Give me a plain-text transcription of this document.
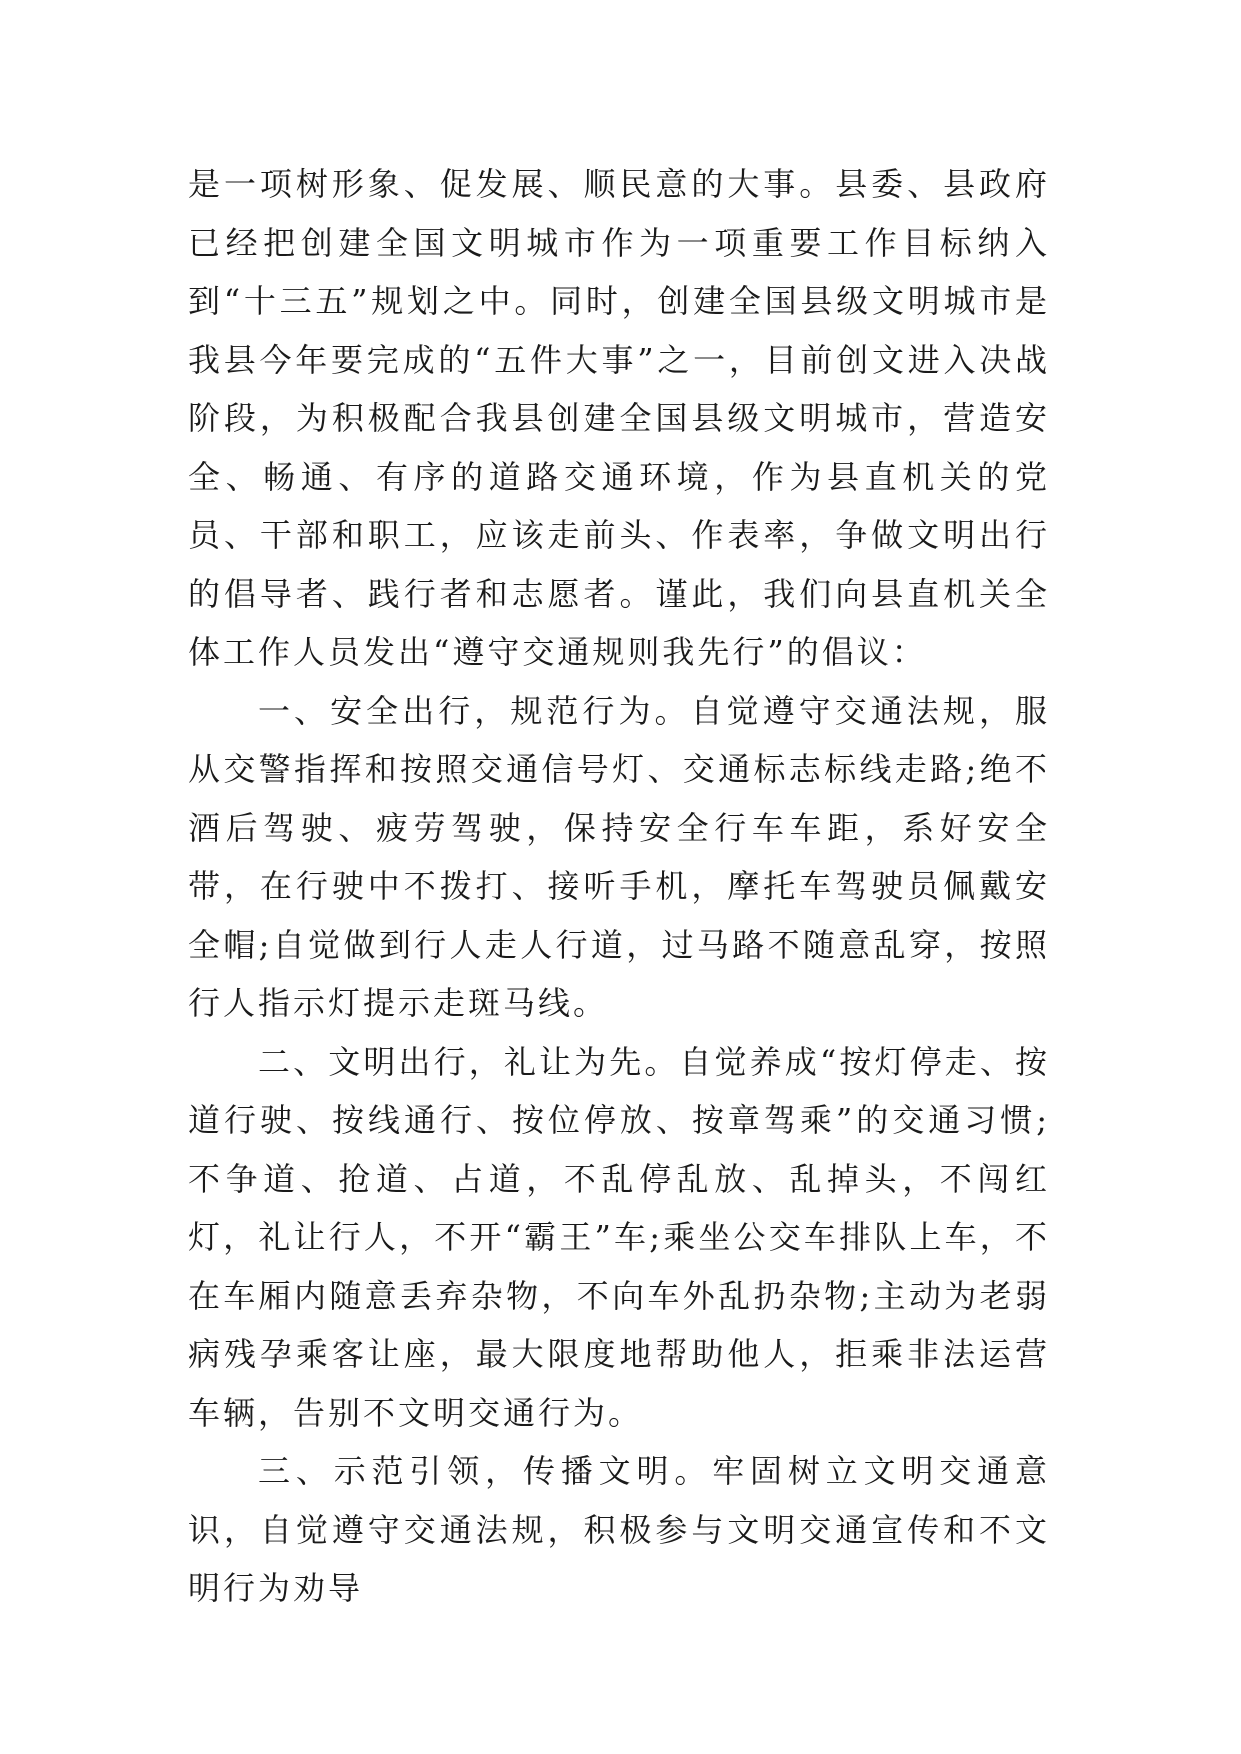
是一项树形象、促发展、顺民意的大事。县委、县政府已经把创建全国文明城市作为一项重要工作目标纳入到“十三五”规划之中。同时，创建全国县级文明城市是我县今年要完成的“五件大事”之一，目前创文进入决战阶段，为积极配合我县创建全国县级文明城市，营造安全、畅通、有序的道路交通环境，作为县直机关的党员、干部和职工，应该走前头、作表率，争做文明出行的倡导者、践行者和志愿者。谨此，我们向县直机关全体工作人员发出“遵守交通规则我先行”的倡议：

一、安全出行，规范行为。自觉遵守交通法规，服从交警指挥和按照交通信号灯、交通标志标线走路;绝不酒后驾驶、疲劳驾驶，保持安全行车车距，系好安全带，在行驶中不拨打、接听手机，摩托车驾驶员佩戴安全帽;自觉做到行人走人行道，过马路不随意乱穿，按照行人指示灯提示走斑马线。

二、文明出行，礼让为先。自觉养成“按灯停走、按道行驶、按线通行、按位停放、按章驾乘”的交通习惯;不争道、抢道、占道，不乱停乱放、乱掉头，不闯红灯，礼让行人，不开“霸王”车;乘坐公交车排队上车，不在车厢内随意丢弃杂物，不向车外乱扔杂物;主动为老弱病残孕乘客让座，最大限度地帮助他人，拒乘非法运营车辆，告别不文明交通行为。

三、示范引领，传播文明。牢固树立文明交通意识，自觉遵守交通法规，积极参与文明交通宣传和不文明行为劝导
